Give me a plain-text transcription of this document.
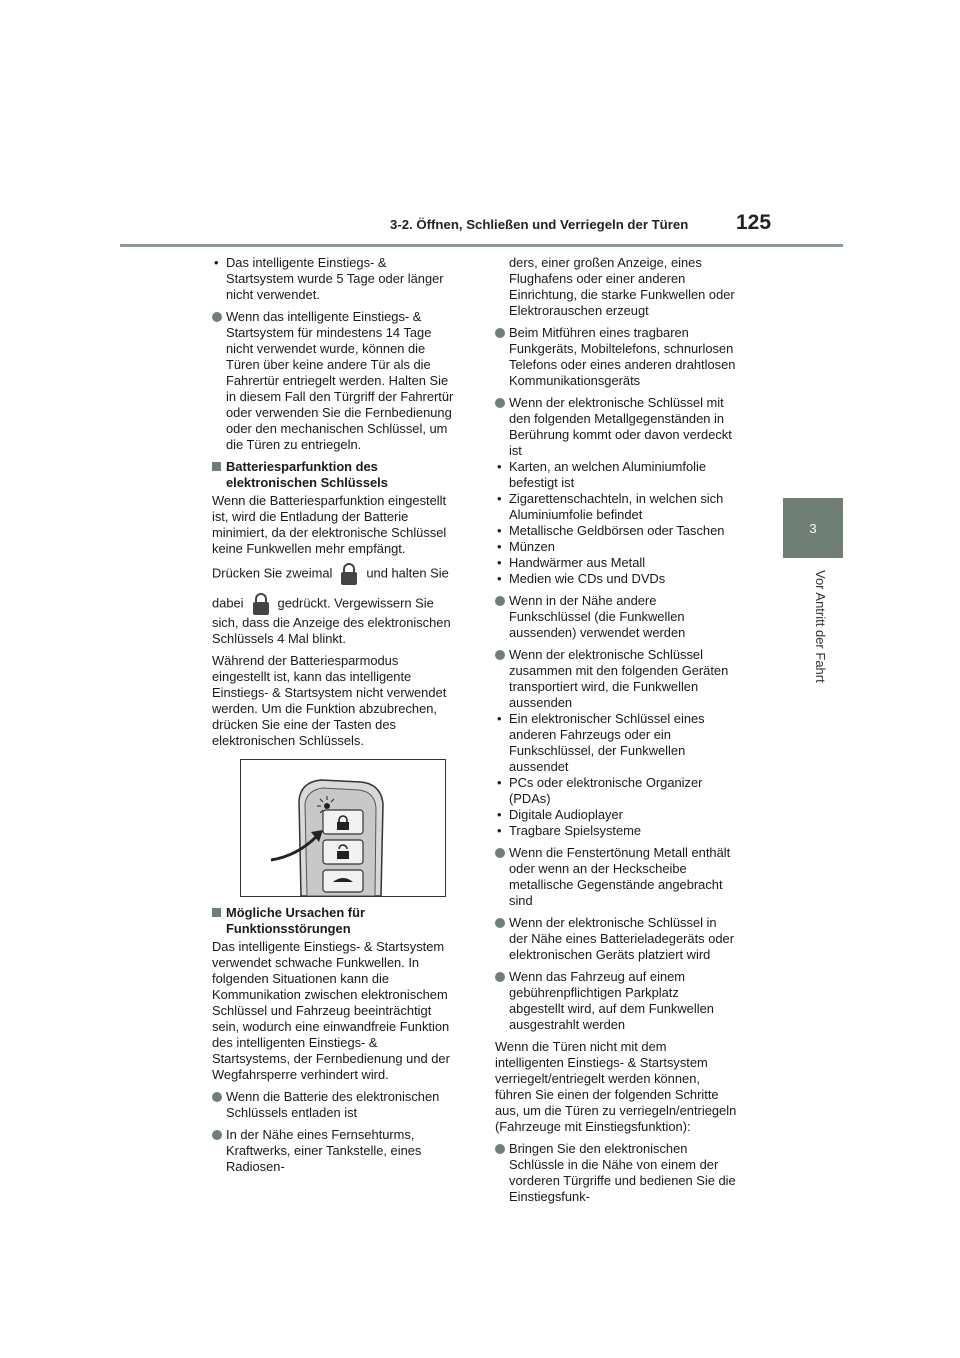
3-2. Öffnen, Schließen und Verriegeln der Türen	125
3
Vor Antritt der Fahrt
• Das intelligente Einstiegs- & Startsystem wurde 5 Tage oder länger nicht verwendet.
Wenn das intelligente Einstiegs- & Startsystem für mindestens 14 Tage nicht verwendet wurde, können die Türen über keine andere Tür als die Fahrertür entriegelt werden. Halten Sie in diesem Fall den Türgriff der Fahrertür oder verwenden Sie die Fernbedienung oder den mechanischen Schlüssel, um die Türen zu entriegeln.
Batteriesparfunktion des elektronischen Schlüssels

Wenn die Batteriesparfunktion eingestellt ist, wird die Entladung der Batterie minimiert, da der elektronische Schlüssel keine Funkwellen mehr empfängt.

Drücken Sie zweimal	und halten Sie
dabei	gedrückt. Vergewissern Sie sich, dass die Anzeige des elektronischen Schlüssels 4 Mal blinkt.

Während der Batteriesparmodus eingestellt ist, kann das intelligente Einstiegs- & Startsystem nicht verwendet werden. Um die Funktion abzubrechen, drücken Sie eine der Tasten des elektronischen Schlüssels.

Mögliche Ursachen für Funktionsstörungen

Das intelligente Einstiegs- & Startsystem verwendet schwache Funkwellen. In folgenden Situationen kann die Kommunikation zwischen elektronischem Schlüssel und Fahrzeug beeinträchtigt sein, wodurch eine einwandfreie Funktion des intelligenten Einstiegs- & Startsystems, der Fernbedienung und der Wegfahrsperre verhindert wird.

Wenn die Batterie des elektronischen Schlüssels entladen ist
In der Nähe eines Fernsehturms, Kraftwerks, einer Tankstelle, eines Radiosen-
ders, einer großen Anzeige, eines Flughafens oder einer anderen Einrichtung, die starke Funkwellen oder Elektrorauschen erzeugt
Beim Mitführen eines tragbaren Funkgeräts, Mobiltelefons, schnurlosen Telefons oder eines anderen drahtlosen Kommunikationsgeräts
Wenn der elektronische Schlüssel mit den folgenden Metallgegenständen in Berührung kommt oder davon verdeckt ist
• Karten, an welchen Aluminiumfolie befestigt ist
• Zigarettenschachteln, in welchen sich Aluminiumfolie befindet
• Metallische Geldbörsen oder Taschen
• Münzen
• Handwärmer aus Metall
• Medien wie CDs und DVDs
Wenn in der Nähe andere Funkschlüssel (die Funkwellen aussenden) verwendet werden
Wenn der elektronische Schlüssel zusammen mit den folgenden Geräten transportiert wird, die Funkwellen aussenden
• Ein elektronischer Schlüssel eines anderen Fahrzeugs oder ein Funkschlüssel, der Funkwellen aussendet
• PCs oder elektronische Organizer (PDAs)
• Digitale Audioplayer
• Tragbare Spielsysteme
Wenn die Fenstertönung Metall enthält oder wenn an der Heckscheibe metallische Gegenstände angebracht sind
Wenn der elektronische Schlüssel in der Nähe eines Batterieladegeräts oder elektronischen Geräts platziert wird
Wenn das Fahrzeug auf einem gebührenpflichtigen Parkplatz abgestellt wird, auf dem Funkwellen ausgestrahlt werden

Wenn die Türen nicht mit dem intelligenten Einstiegs- & Startsystem verriegelt/entriegelt werden können, führen Sie einen der folgenden Schritte aus, um die Türen zu verriegeln/entriegeln (Fahrzeuge mit Einstiegsfunktion):

Bringen Sie den elektronischen Schlüssle in die Nähe von einem der vorderen Türgriffe und bedienen Sie die Einstiegsfunk-
